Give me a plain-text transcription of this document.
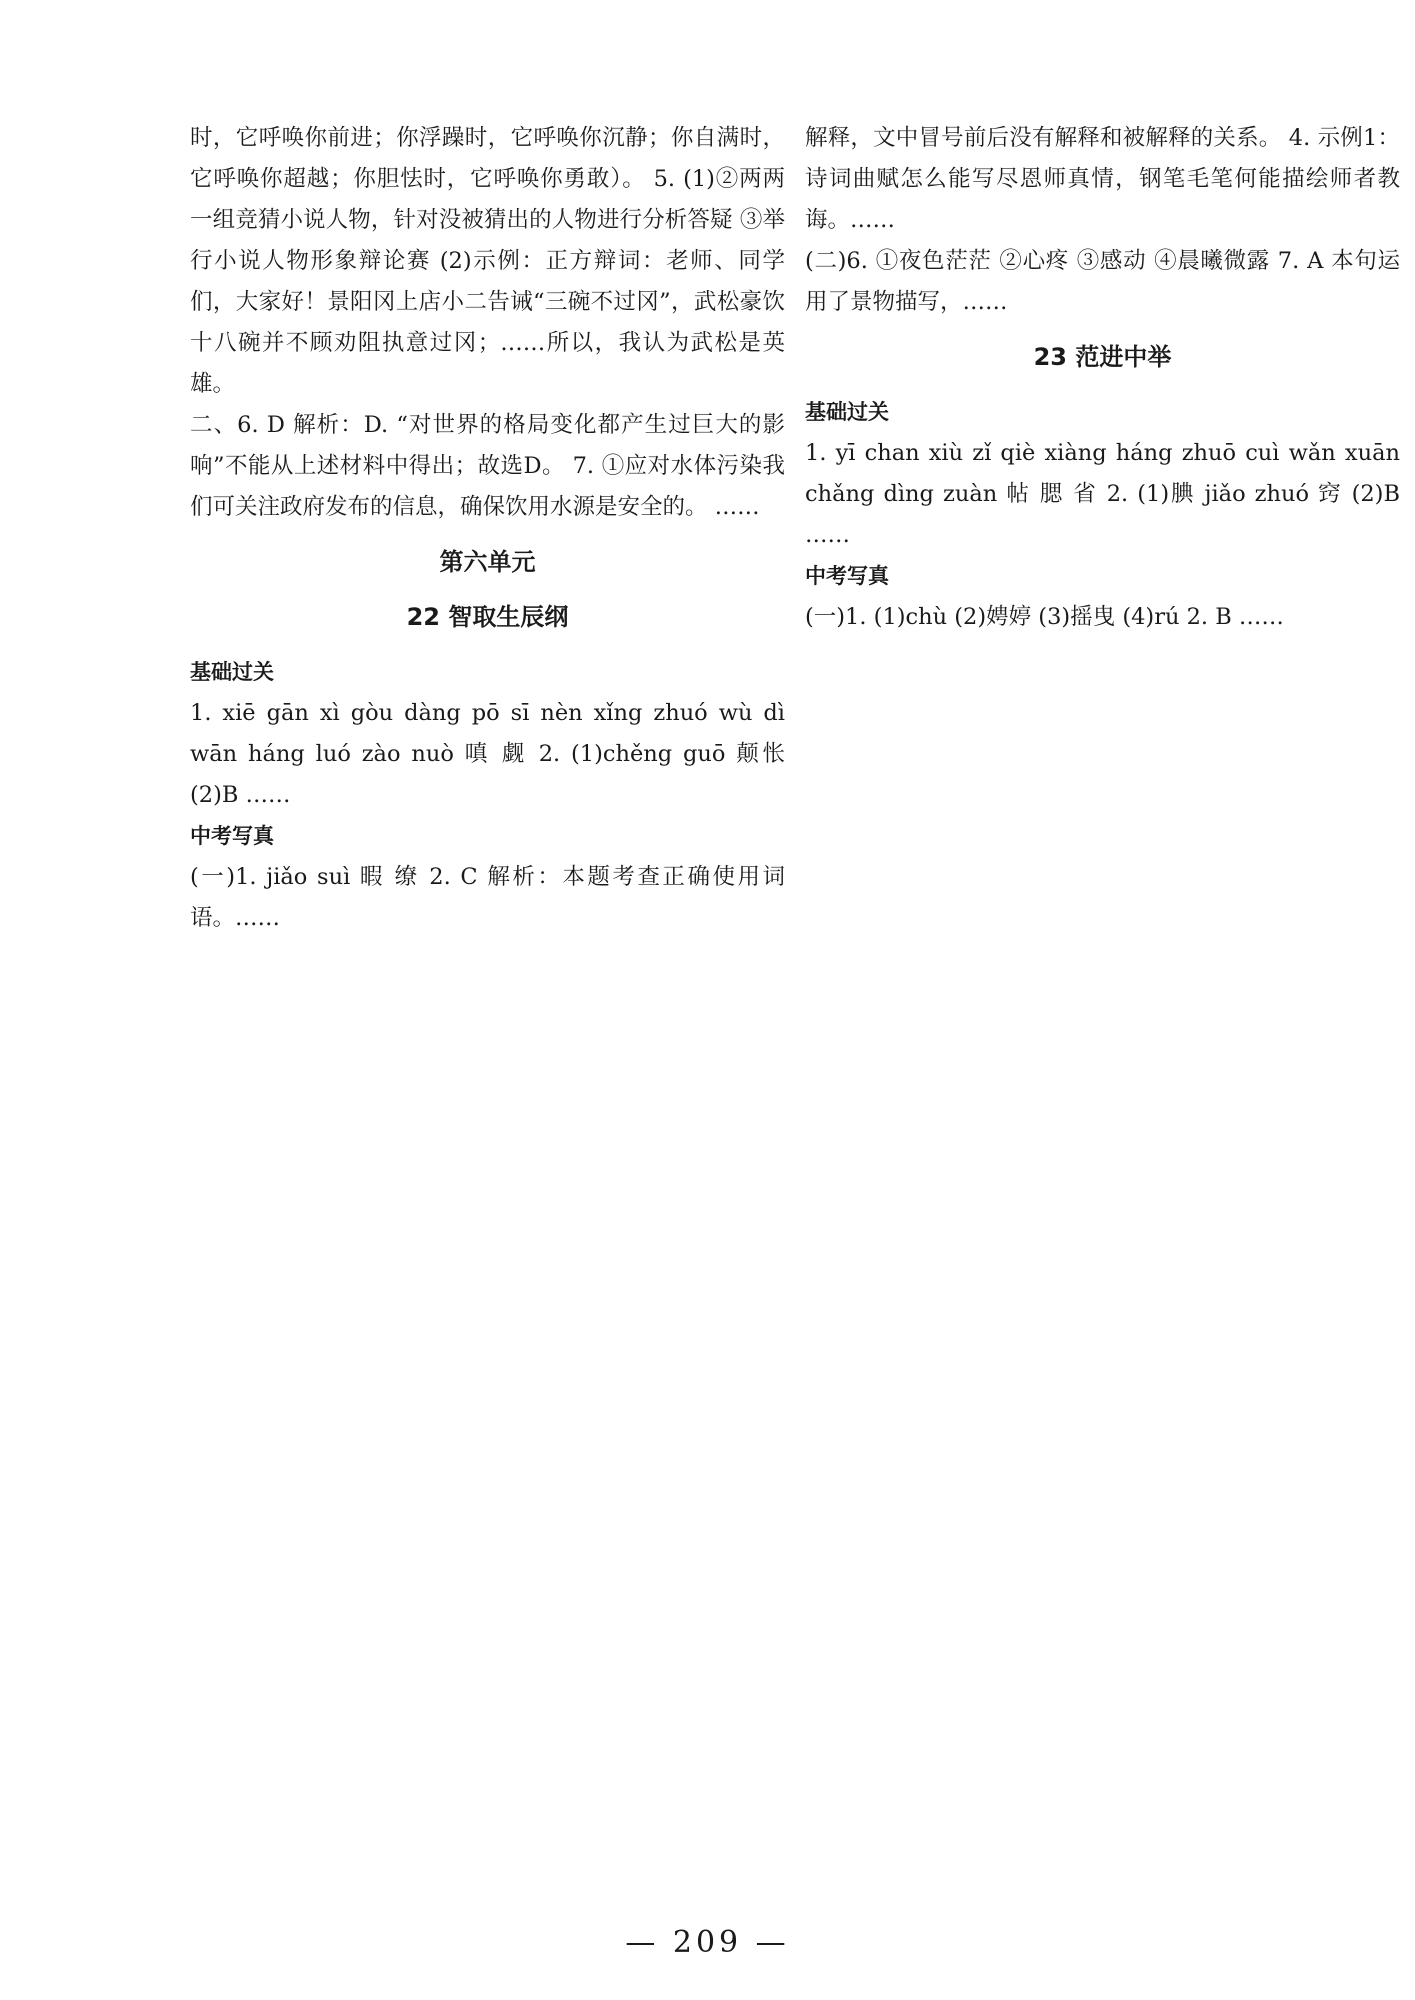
时，它呼唤你前进；你浮躁时，它呼唤你沉静；你自满时，它呼唤你超越；你胆怯时，它呼唤你勇敢）。 5. (1)②两两一组竞猜小说人物，针对没被猜出的人物进行分析答疑 ③举行小说人物形象辩论赛 (2)示例：正方辩词：老师、同学们，大家好！景阳冈上店小二告诫“三碗不过冈”，武松豪饮十八碗并不顾劝阻执意过冈；……所以，我认为武松是英雄。

二、6. D 解析：D. “对世界的格局变化都产生过巨大的影响”不能从上述材料中得出；故选D。 7. ①应对水体污染我们可关注政府发布的信息，确保饮用水源是安全的。 ……

第六单元

22 智取生辰纲

基础过关

1. xiē gān xì gòu dàng pō sī nèn xǐng zhuó wù dì wān háng luó zào nuò 嗔 觑 2. (1)chěng guō 颠怅 (2)B ……

中考写真

(一)1. jiǎo suì 暇 缭 2. C 解析：本题考查正确使用词语。……

解释，文中冒号前后没有解释和被解释的关系。 4. 示例1：诗词曲赋怎么能写尽恩师真情，钢笔毛笔何能描绘师者教诲。……

(二)6. ①夜色茫茫 ②心疼 ③感动 ④晨曦微露 7. A 本句运用了景物描写，……

23 范进中举

基础过关

1. yī chan xiù zǐ qiè xiàng háng zhuō cuì wǎn xuān chǎng dìng zuàn 帖 腮 省 2. (1)腆 jiǎo zhuó 窍 (2)B ……

中考写真

(一)1. (1)chù (2)娉婷 (3)摇曳 (4)rú 2. B ……

— 209 —
